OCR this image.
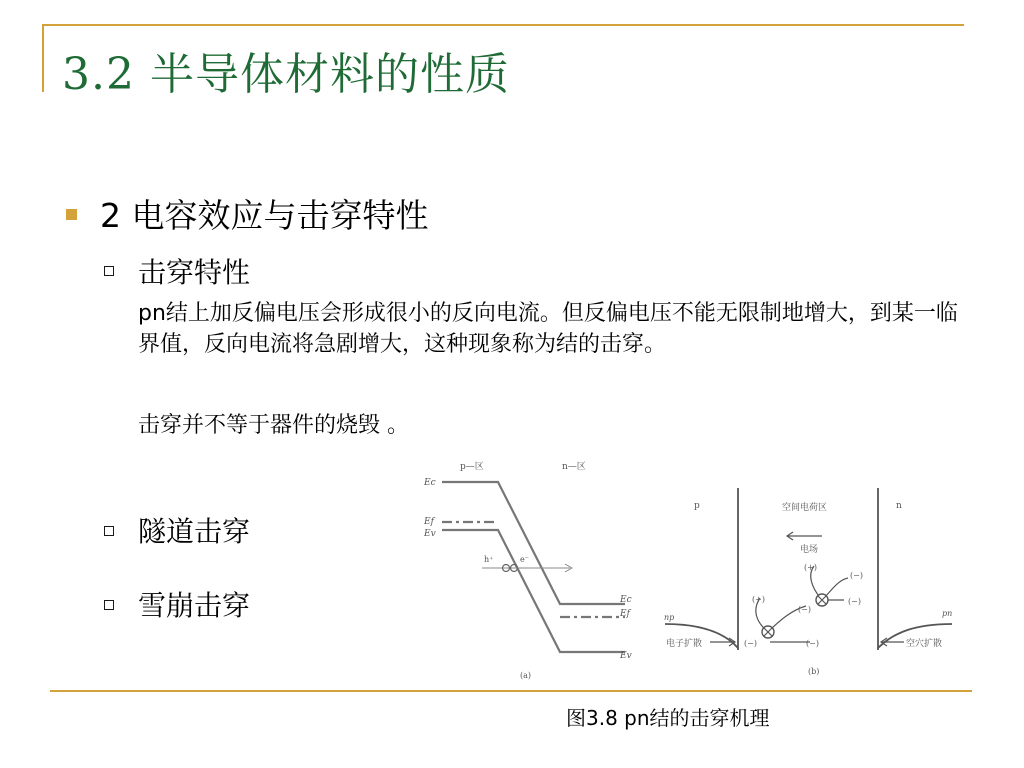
3.2 半导体材料的性质
2 电容效应与击穿特性
击穿特性
pn结上加反偏电压会形成很小的反向电流。但反偏电压不能无限制地增大，到某一临界值，反向电流将急剧增大，这种现象称为结的击穿。
击穿并不等于器件的烧毁 。
隧道击穿
雪崩击穿
p—区	n—区
Ec
Ef
Ev
h⁺	e⁻
Ec
Ef
Ev
(a)
p	n
空间电荷区
电场
np	pn
(+)
(+)
(−)
(−)
(−)
(−)	(−)
电子扩散	空穴扩散
(b)
图3.8 pn结的击穿机理
